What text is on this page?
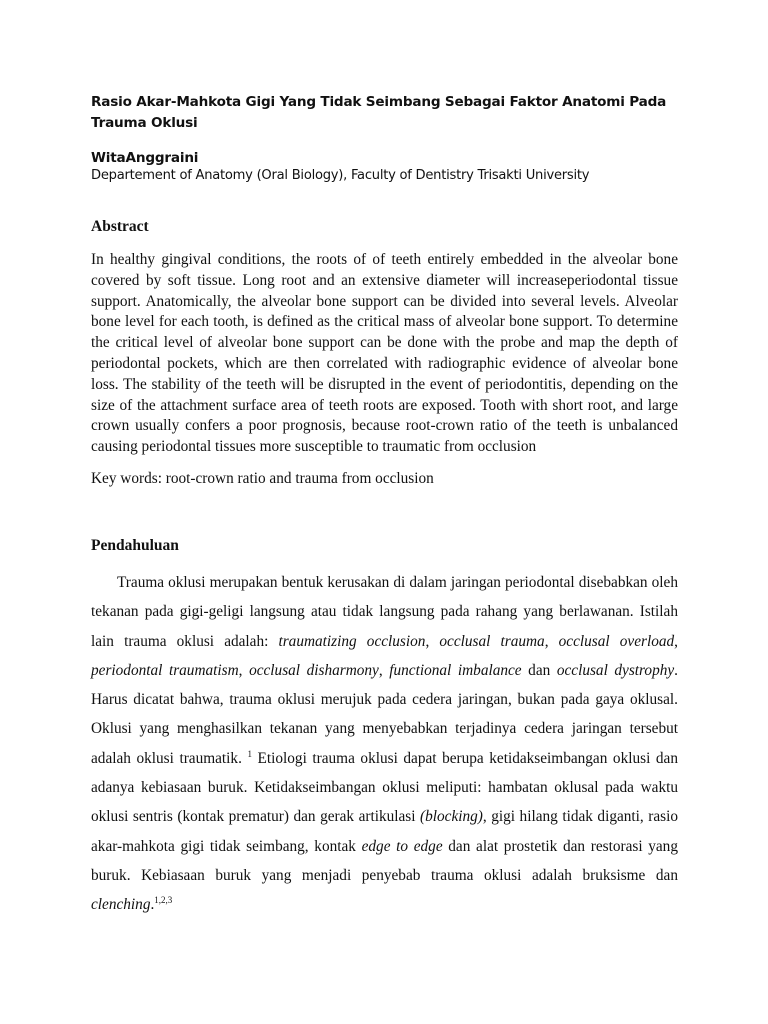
Rasio Akar-Mahkota Gigi Yang Tidak Seimbang Sebagai Faktor Anatomi Pada Trauma Oklusi
WitaAnggraini
Departement of Anatomy (Oral Biology), Faculty of Dentistry Trisakti University
Abstract

In healthy gingival conditions, the roots of of teeth entirely embedded in the alveolar bone covered by soft tissue. Long root and an extensive diameter will increaseperiodontal tissue support. Anatomically, the alveolar bone support can be divided into several levels. Alveolar bone level for each tooth, is defined as the critical mass of alveolar bone support. To determine the critical level of alveolar bone support can be done with the probe and map the depth of periodontal pockets, which are then correlated with radiographic evidence of alveolar bone loss. The stability of the teeth will be disrupted in the event of periodontitis, depending on the size of the attachment surface area of teeth roots are exposed. Tooth with short root, and large crown usually confers a poor prognosis, because root-crown ratio of the teeth is unbalanced causing periodontal tissues more susceptible to traumatic from occlusion

Key words: root-crown ratio and trauma from occlusion

Pendahuluan

Trauma oklusi merupakan bentuk kerusakan di dalam jaringan periodontal disebabkan oleh tekanan pada gigi-geligi langsung atau tidak langsung pada rahang yang berlawanan. Istilah lain trauma oklusi adalah: traumatizing occlusion, occlusal trauma, occlusal overload, periodontal traumatism, occlusal disharmony, functional imbalance dan occlusal dystrophy. Harus dicatat bahwa, trauma oklusi merujuk pada cedera jaringan, bukan pada gaya oklusal. Oklusi yang menghasilkan tekanan yang menyebabkan terjadinya cedera jaringan tersebut adalah oklusi traumatik. $^1$ Etiologi trauma oklusi dapat berupa ketidakseimbangan oklusi dan adanya kebiasaan buruk. Ketidakseimbangan oklusi meliputi: hambatan oklusal pada waktu oklusi sentris (kontak prematur) dan gerak artikulasi (blocking), gigi hilang tidak diganti, rasio akar-mahkota gigi tidak seimbang, kontak edge to edge dan alat prostetik dan restorasi yang buruk. Kebiasaan buruk yang menjadi penyebab trauma oklusi adalah bruksisme dan clenching.$^{1,2,3}$
